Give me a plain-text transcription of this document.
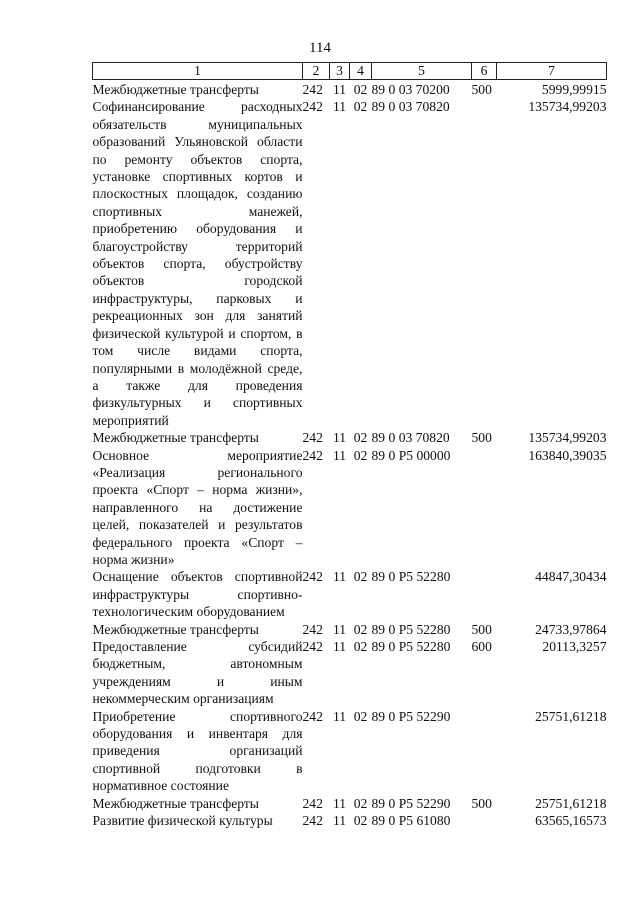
114
1	2	3	4	5	6	7
Межбюджетные трансферты	242	11	02	89 0 03 70200	500	5999,99915
Софинансирование расходных обязательств муниципальных образований Ульяновской области по ремонту объектов спорта, установке спортивных кортов и плоскостных площадок, созданию спортивных манежей, приобретению оборудования и благоустройству территорий объектов спорта, обустройству объектов городской инфраструктуры, парковых и рекреационных зон для занятий физической культурой и спортом, в том числе видами спорта, популярными в молодёжной среде, а также для проведения физкультурных и спортивных мероприятий	242	11	02	89 0 03 70820		135734,99203
Межбюджетные трансферты	242	11	02	89 0 03 70820	500	135734,99203
Основное мероприятие «Реализация регионального проекта «Спорт – норма жизни», направленного на достижение целей, показателей и результатов федерального проекта «Спорт – норма жизни»	242	11	02	89 0 P5 00000		163840,39035
Оснащение объектов спортивной инфраструктуры спортивно-технологическим оборудованием	242	11	02	89 0 P5 52280		44847,30434
Межбюджетные трансферты	242	11	02	89 0 P5 52280	500	24733,97864
Предоставление субсидий бюджетным, автономным учреждениям и иным некоммерческим организациям	242	11	02	89 0 P5 52280	600	20113,3257
Приобретение спортивного оборудования и инвентаря для приведения организаций спортивной подготовки в нормативное состояние	242	11	02	89 0 P5 52290		25751,61218
Межбюджетные трансферты	242	11	02	89 0 P5 52290	500	25751,61218
Развитие физической культуры	242	11	02	89 0 P5 61080		63565,16573
